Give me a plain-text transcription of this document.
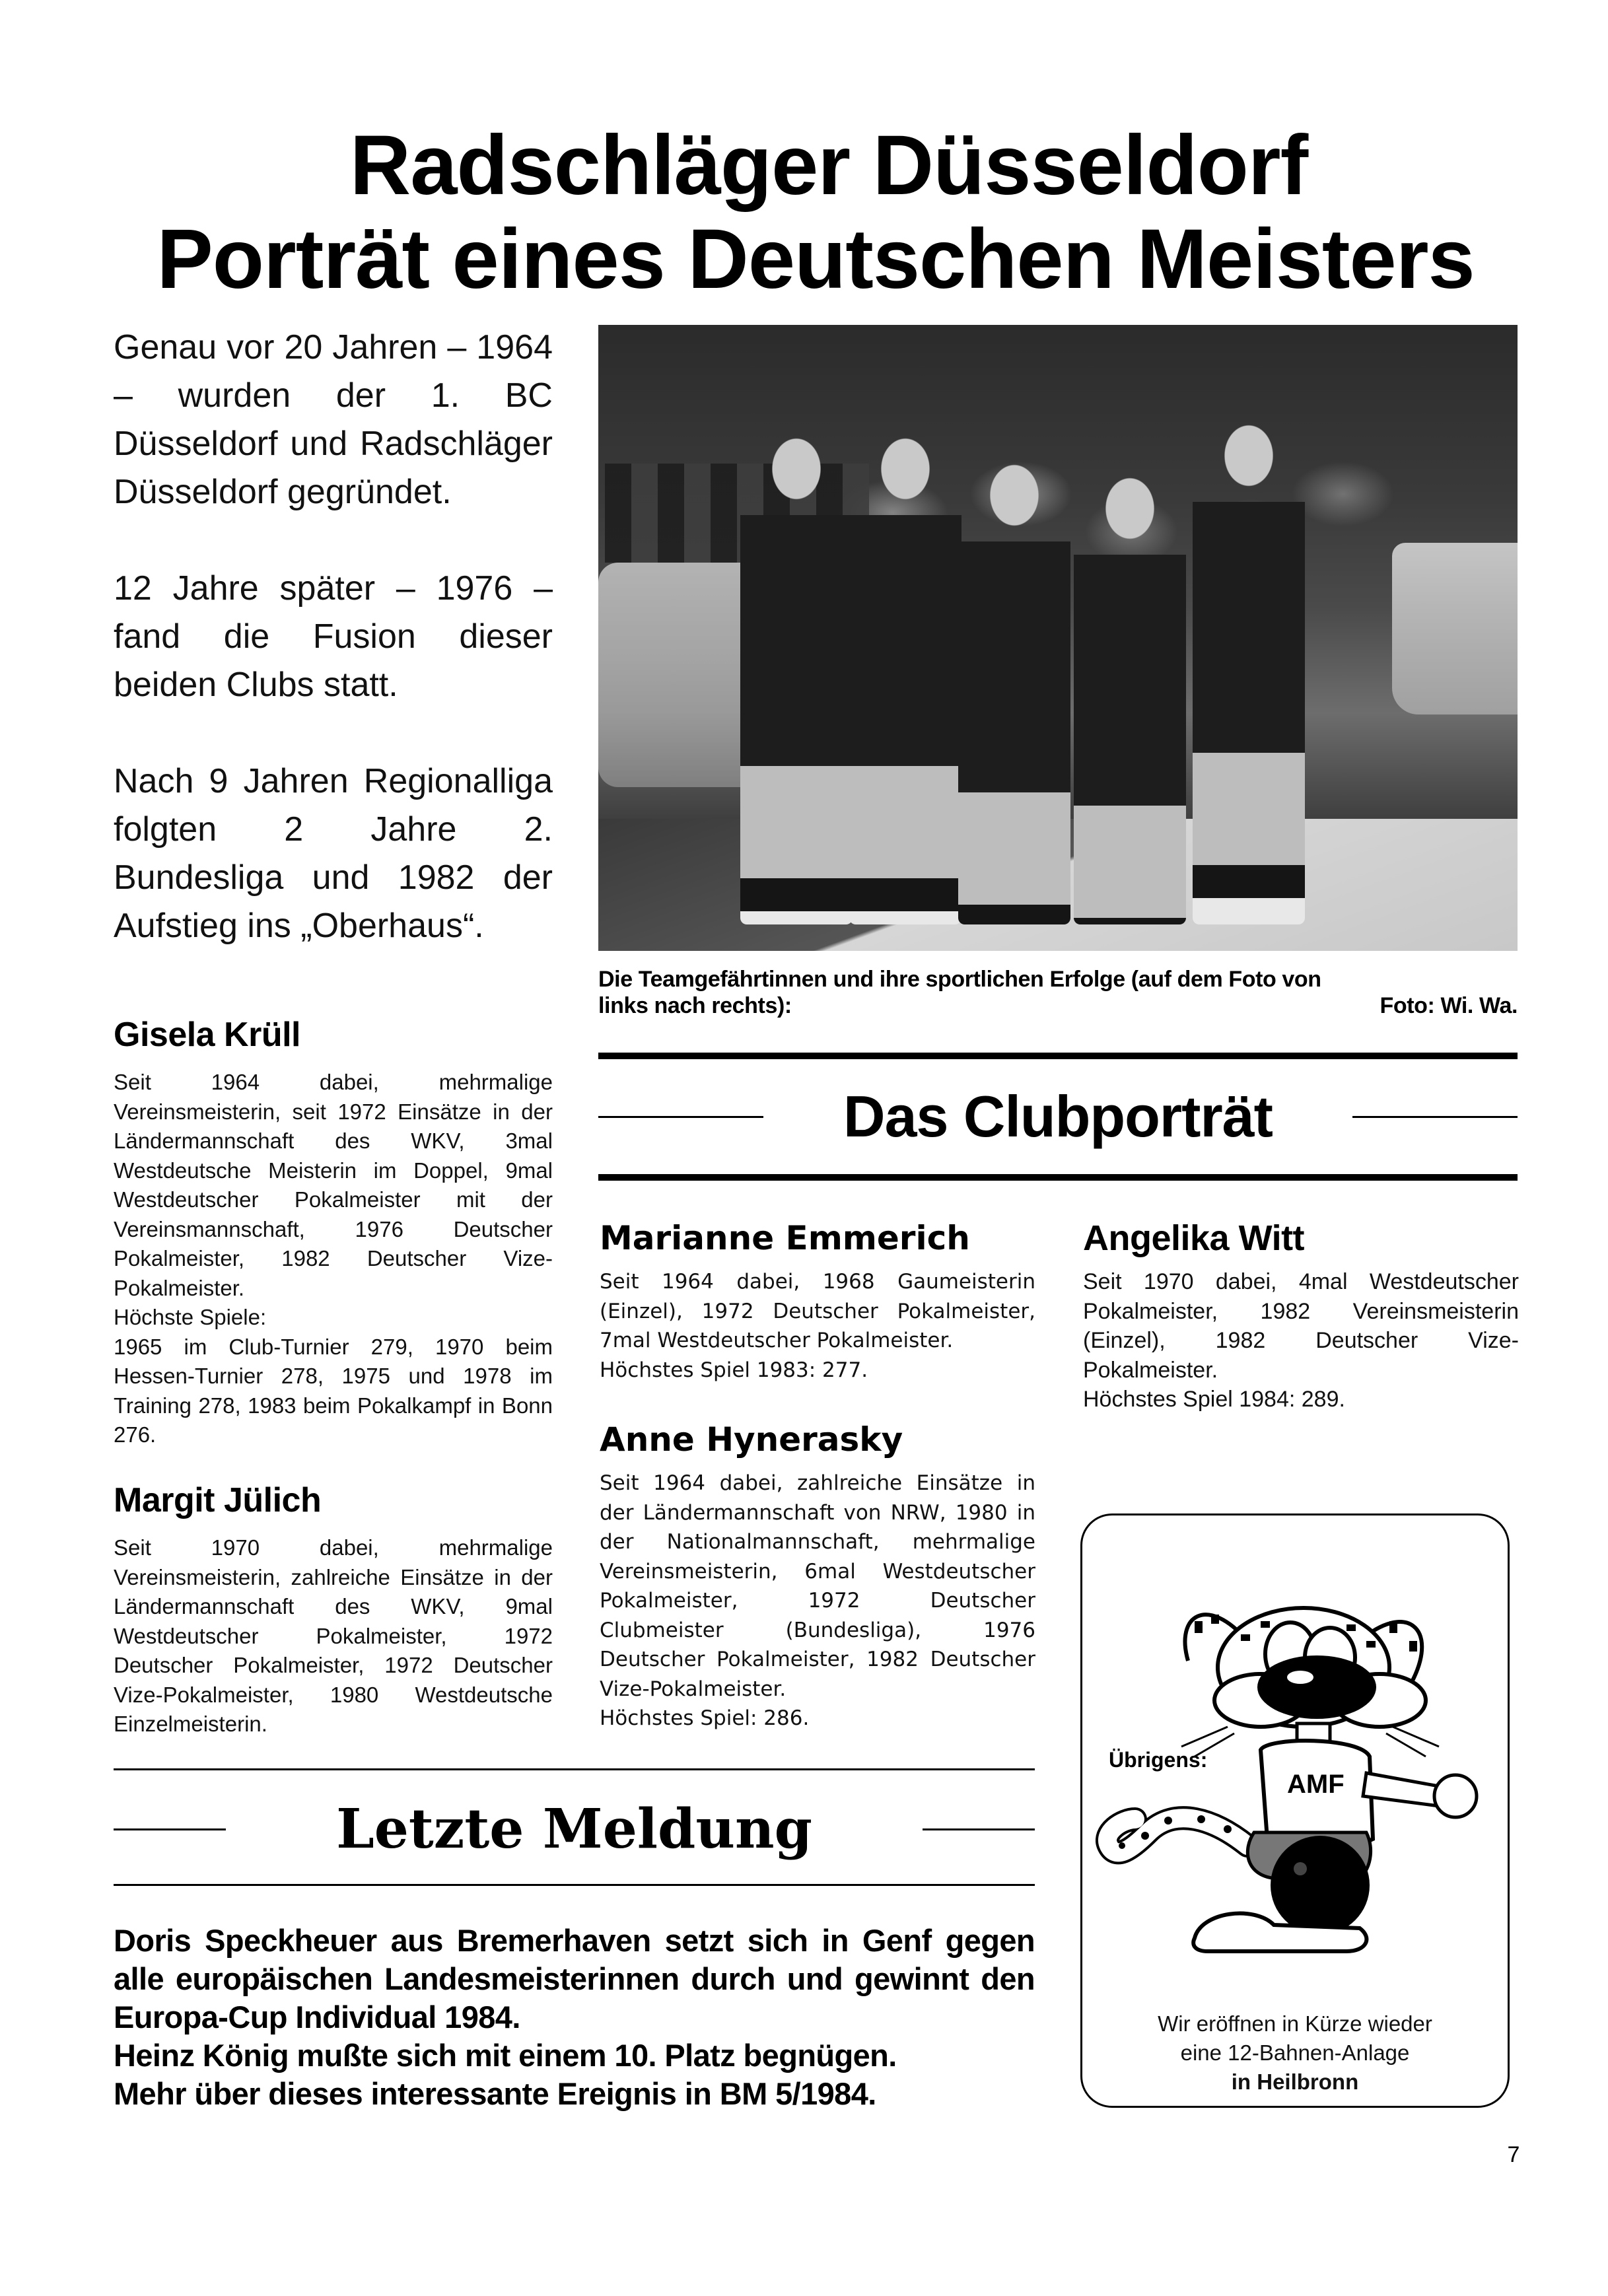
Radschläger Düsseldorf
Porträt eines Deutschen Meisters

Genau vor 20 Jahren – 1964 – wurden der 1. BC Düsseldorf und Radschläger Düsseldorf gegründet.

12 Jahre später – 1976 – fand die Fusion dieser beiden Clubs statt.

Nach 9 Jahren Regionalliga folgten 2 Jahre 2. Bundesliga und 1982 der Aufstieg ins „Oberhaus“.

Die Teamgefährtinnen und ihre sportlichen Erfolge (auf dem Foto von
links nach rechts):	Foto: Wi. Wa.
Das Clubporträt
Gisela Krüll

Seit 1964 dabei, mehrmalige Vereinsmeisterin, seit 1972 Einsätze in der Ländermannschaft des WKV, 3mal Westdeutsche Meisterin im Doppel, 9mal Westdeutscher Pokalmeister mit der Vereinsmannschaft, 1976 Deutscher Pokalmeister, 1982 Deutscher Vize-Pokalmeister.
Höchste Spiele:
1965 im Club-Turnier 279, 1970 beim Hessen-Turnier 278, 1975 und 1978 im Training 278, 1983 beim Pokalkampf in Bonn 276.

Margit Jülich

Seit 1970 dabei, mehrmalige Vereinsmeisterin, zahlreiche Einsätze in der Ländermannschaft des WKV, 9mal Westdeutscher Pokalmeister, 1972 Deutscher Pokalmeister, 1972 Deutscher Vize-Pokalmeister, 1980 Westdeutsche Einzelmeisterin.

Marianne Emmerich

Seit 1964 dabei, 1968 Gaumeisterin (Einzel), 1972 Deutscher Pokalmeister, 7mal Westdeutscher Pokalmeister.
Höchstes Spiel 1983: 277.

Anne Hynerasky

Seit 1964 dabei, zahlreiche Einsätze in der Ländermannschaft von NRW, 1980 in der Nationalmannschaft, mehrmalige Vereinsmeisterin, 6mal Westdeutscher Pokalmeister, 1972 Deutscher Clubmeister (Bundesliga), 1976 Deutscher Pokalmeister, 1982 Deutscher Vize-Pokalmeister.
Höchstes Spiel: 286.

Angelika Witt

Seit 1970 dabei, 4mal Westdeutscher Pokalmeister, 1982 Vereinsmeisterin (Einzel), 1982 Deutscher Vize-Pokalmeister.
Höchstes Spiel 1984: 289.

Letzte Meldung

Doris Speckheuer aus Bremerhaven setzt sich in Genf gegen alle europäischen Landesmeisterinnen durch und gewinnt den Europa-Cup Individual 1984.

Heinz König mußte sich mit einem 10. Platz begnügen.

Mehr über dieses interessante Ereignis in BM 5/1984.

AMF
Übrigens:
Wir eröffnen in Kürze wieder
eine 12-Bahnen-Anlage
in Heilbronn
7
